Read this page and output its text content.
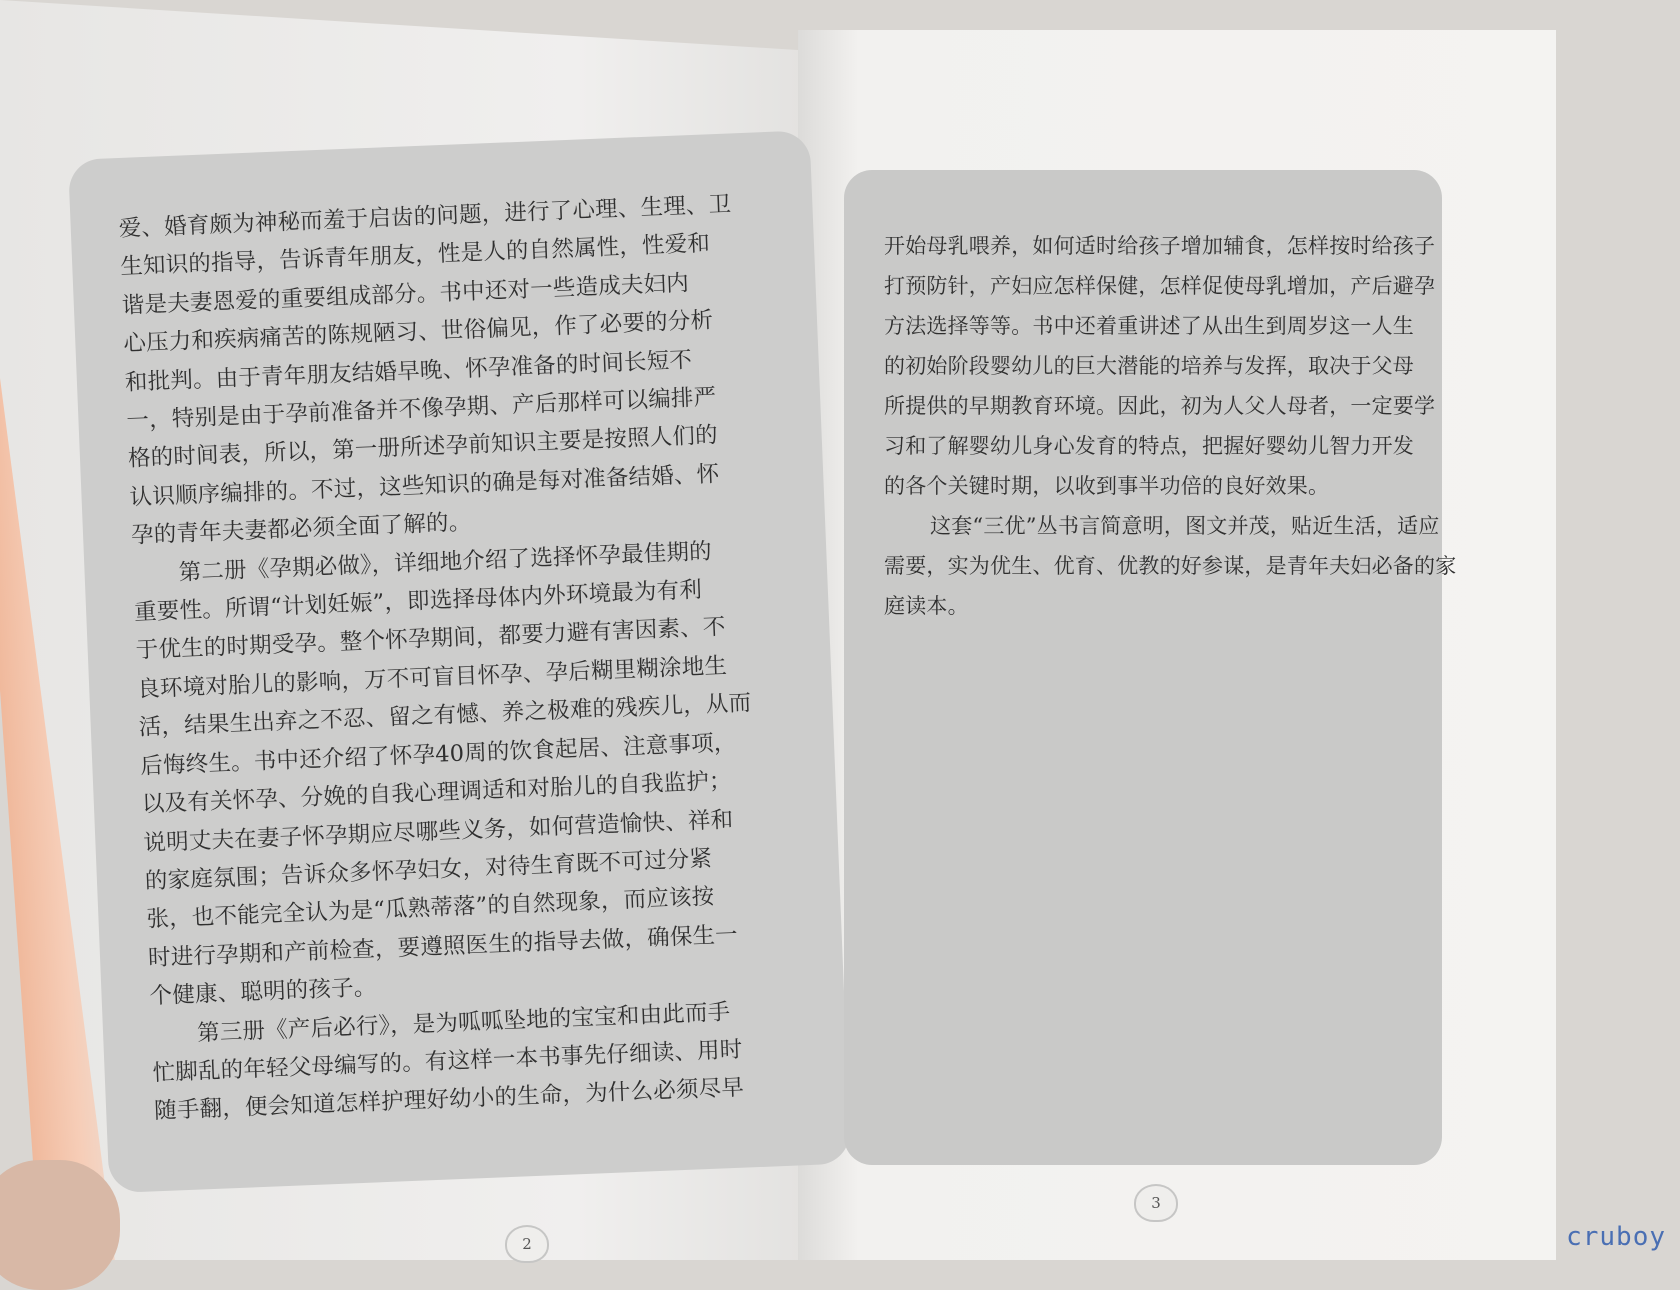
爱、婚育颇为神秘而羞于启齿的问题，进行了心理、生理、卫
生知识的指导，告诉青年朋友，性是人的自然属性，性爱和
谐是夫妻恩爱的重要组成部分。书中还对一些造成夫妇内
心压力和疾病痛苦的陈规陋习、世俗偏见，作了必要的分析
和批判。由于青年朋友结婚早晚、怀孕准备的时间长短不
一，特别是由于孕前准备并不像孕期、产后那样可以编排严
格的时间表，所以，第一册所述孕前知识主要是按照人们的
认识顺序编排的。不过，这些知识的确是每对准备结婚、怀
孕的青年夫妻都必须全面了解的。
第二册《孕期必做》，详细地介绍了选择怀孕最佳期的
重要性。所谓“计划妊娠”，即选择母体内外环境最为有利
于优生的时期受孕。整个怀孕期间，都要力避有害因素、不
良环境对胎儿的影响，万不可盲目怀孕、孕后糊里糊涂地生
活，结果生出弃之不忍、留之有憾、养之极难的残疾儿，从而
后悔终生。书中还介绍了怀孕40周的饮食起居、注意事项，
以及有关怀孕、分娩的自我心理调适和对胎儿的自我监护；
说明丈夫在妻子怀孕期应尽哪些义务，如何营造愉快、祥和
的家庭氛围；告诉众多怀孕妇女，对待生育既不可过分紧
张，也不能完全认为是“瓜熟蒂落”的自然现象，而应该按
时进行孕期和产前检查，要遵照医生的指导去做，确保生一
个健康、聪明的孩子。
第三册《产后必行》，是为呱呱坠地的宝宝和由此而手
忙脚乱的年轻父母编写的。有这样一本书事先仔细读、用时
随手翻，便会知道怎样护理好幼小的生命，为什么必须尽早
开始母乳喂养，如何适时给孩子增加辅食，怎样按时给孩子
打预防针，产妇应怎样保健，怎样促使母乳增加，产后避孕
方法选择等等。书中还着重讲述了从出生到周岁这一人生
的初始阶段婴幼儿的巨大潜能的培养与发挥，取决于父母
所提供的早期教育环境。因此，初为人父人母者，一定要学
习和了解婴幼儿身心发育的特点，把握好婴幼儿智力开发
的各个关键时期，以收到事半功倍的良好效果。
这套“三优”丛书言简意明，图文并茂，贴近生活，适应
需要，实为优生、优育、优教的好参谋，是青年夫妇必备的家
庭读本。
2
3
cruboy
